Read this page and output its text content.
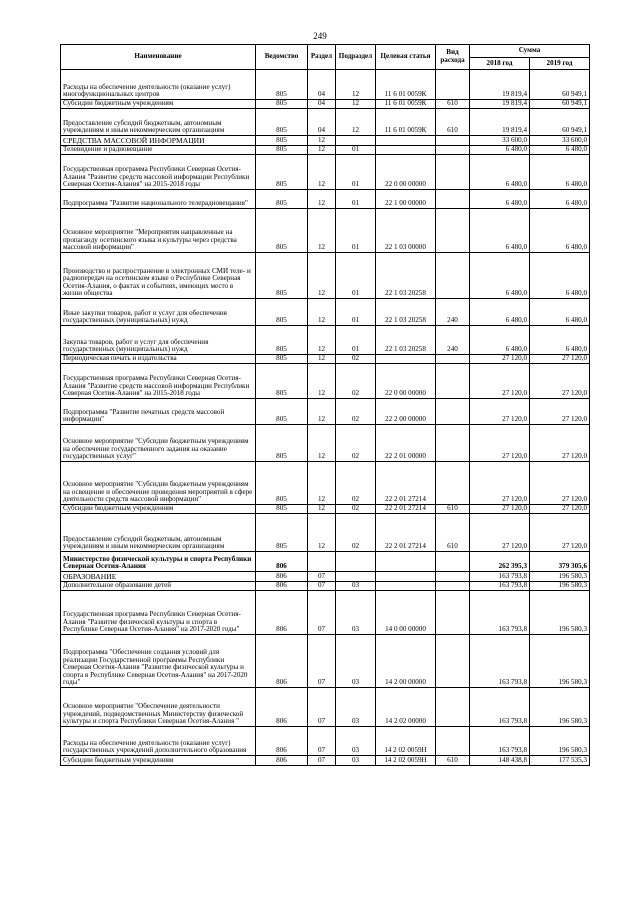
249
Наименование	Ведомство	Раздел	Подраздел	Целевая статья	Вид расхода	Сумма	
						2018 год	2019 год
Расходы на обеспечение деятельности (оказание услуг) многофункциональных центров	805	04	12	11 6 01 0059К		19 819,4	60 949,1
Субсидии бюджетным учреждениям	805	04	12	11 6 01 0059К	610	19 819,4	60 949,1
Предоставление субсидий бюджетным, автономным учреждениям и иным некоммерческим организациям	805	04	12	11 6 01 0059К	610	19 819,4	60 949,1
СРЕДСТВА МАССОВОЙ ИНФОРМАЦИИ	805	12				33 600,0	33 600,0
Телевидение и радиовещание	805	12	01			6 480,0	6 480,0
Государственная программа Республики Северная Осетия-Алания "Развитие средств массовой информации Республики Северная Осетия-Алания" на 2015-2018 годы	805	12	01	22 0 00 00000		6 480,0	6 480,0
Подпрограмма "Развитие национального телерадиовещания"	805	12	01	22 1 00 00000		6 480,0	6 480,0
Основное мероприятие "Мероприятия направленные на пропаганду осетинского языка и культуры через средства массовой информации"	805	12	01	22 1 03 00000		6 480,0	6 480,0
Производство и распространение в электронных СМИ теле- и радиопередач на осетинском языке о Республике Северная Осетия-Алания, о фактах и событиях, имеющих место в жизни общества	805	12	01	22 1 03 20258		6 480,0	6 480,0
Иные закупки товаров, работ и услуг для обеспечения государственных (муниципальных) нужд	805	12	01	22 1 03 20258	240	6 480,0	6 480,0
Закупка товаров, работ и услуг для обеспечения государственных (муниципальных) нужд	805	12	01	22 1 03 20258	240	6 480,0	6 480,0
Периодическая печать и издательства	805	12	02			27 120,0	27 120,0
Государственная программа Республики Северная Осетия-Алания "Развитие средств массовой информации Республики Северная Осетия-Алания" на 2015-2018 годы	805	12	02	22 0 00 00000		27 120,0	27 120,0
Подпрограмма "Развитие печатных средств массовой информации"	805	12	02	22 2 00 00000		27 120,0	27 120,0
Основное мероприятие "Субсидии бюджетным учреждениям на обеспечение государственного задания на оказание государственных услуг"	805	12	02	22 2 01 00000		27 120,0	27 120,0
Основное мероприятие "Субсидии бюджетным учреждениям на освещение и обеспечение проведения мероприятий в сфере деятельности средств массовой информации"	805	12	02	22 2 01 27214		27 120,0	27 120,0
Субсидии бюджетным учреждениям	805	12	02	22 2 01 27214	610	27 120,0	27 120,0
Предоставление субсидий бюджетным, автономным учреждениям и иным некоммерческим организациям	805	12	02	22 2 01 27214	610	27 120,0	27 120,0
Министерство физической культуры и спорта Республики Северная Осетия-Алания	806					262 395,3	379 305,6
ОБРАЗОВАНИЕ	806	07				163 793,8	196 580,3
Дополнительное образование детей	806	07	03			163 793,8	196 580,3
Государственная программа Республики Северная Осетия-Алания "Развитие физической культуры и спорта в Республике Северная Осетия-Алания" на 2017-2020 годы"	806	07	03	14 0 00 00000		163 793,8	196 580,3
Подпрограмма "Обеспечение создания условий для реализации Государственной программы Республики Северная Осетия-Алания "Развитие физической культуры и спорта в Республике Северная Осетия-Алания" на 2017-2020 годы"	806	07	03	14 2 00 00000		163 793,8	196 580,3
Основное мероприятие "Обеспечение деятельности учреждений, подведомственных Министерству физической культуры и спорта Республики Северная Осетия-Алания "	806	07	03	14 2 02 00000		163 793,8	196 580,3
Расходы на обеспечение деятельности (оказание услуг) государственных учреждений дополнительного образования	806	07	03	14 2 02 0059Н		163 793,8	196 580,3
Субсидии бюджетным учреждениям	806	07	03	14 2 02 0059Н	610	148 438,8	177 535,3
